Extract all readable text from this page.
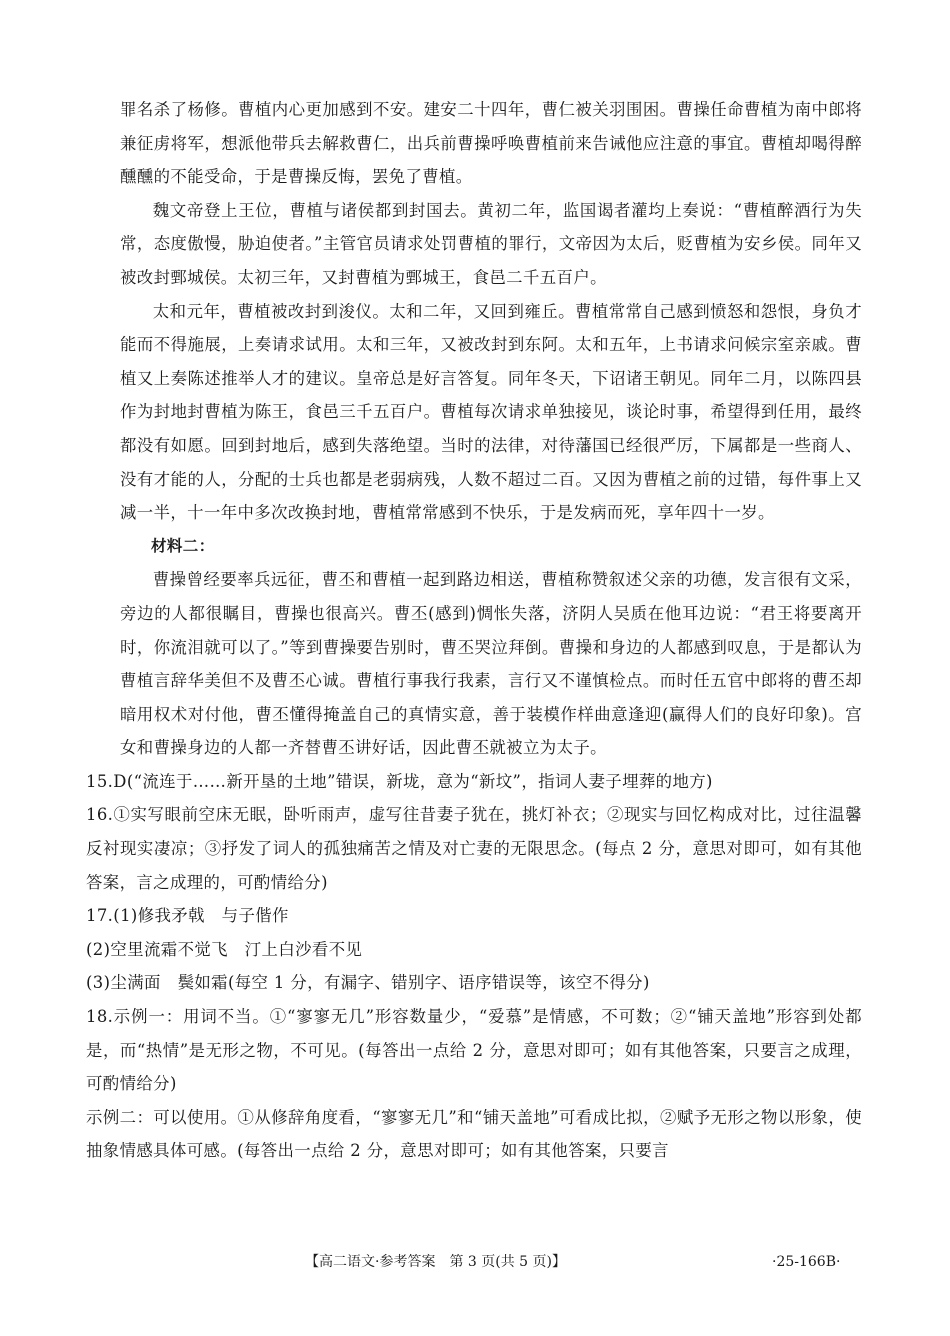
罪名杀了杨修。曹植内心更加感到不安。建安二十四年，曹仁被关羽围困。曹操任命曹植为南中郎将兼征虏将军，想派他带兵去解救曹仁，出兵前曹操呼唤曹植前来告诫他应注意的事宜。曹植却喝得醉醺醺的不能受命，于是曹操反悔，罢免了曹植。

魏文帝登上王位，曹植与诸侯都到封国去。黄初二年，监国谒者灌均上奏说：“曹植醉酒行为失常，态度傲慢，胁迫使者。”主管官员请求处罚曹植的罪行，文帝因为太后，贬曹植为安乡侯。同年又被改封鄄城侯。太初三年，又封曹植为鄄城王，食邑二千五百户。

太和元年，曹植被改封到浚仪。太和二年，又回到雍丘。曹植常常自己感到愤怒和怨恨，身负才能而不得施展，上奏请求试用。太和三年，又被改封到东阿。太和五年，上书请求问候宗室亲戚。曹植又上奏陈述推举人才的建议。皇帝总是好言答复。同年冬天，下诏诸王朝见。同年二月，以陈四县作为封地封曹植为陈王，食邑三千五百户。曹植每次请求单独接见，谈论时事，希望得到任用，最终都没有如愿。回到封地后，感到失落绝望。当时的法律，对待藩国已经很严厉，下属都是一些商人、没有才能的人，分配的士兵也都是老弱病残，人数不超过二百。又因为曹植之前的过错，每件事上又减一半，十一年中多次改换封地，曹植常常感到不快乐，于是发病而死，享年四十一岁。

材料二：

曹操曾经要率兵远征，曹丕和曹植一起到路边相送，曹植称赞叙述父亲的功德，发言很有文采，旁边的人都很瞩目，曹操也很高兴。曹丕(感到)惆怅失落，济阴人吴质在他耳边说：“君王将要离开时，你流泪就可以了。”等到曹操要告别时，曹丕哭泣拜倒。曹操和身边的人都感到叹息，于是都认为曹植言辞华美但不及曹丕心诚。曹植行事我行我素，言行又不谨慎检点。而时任五官中郎将的曹丕却暗用权术对付他，曹丕懂得掩盖自己的真情实意，善于装模作样曲意逢迎(赢得人们的良好印象)。宫女和曹操身边的人都一齐替曹丕讲好话，因此曹丕就被立为太子。

15.D(“流连于……新开垦的土地”错误，新垅，意为“新坟”，指词人妻子埋葬的地方)

16.①实写眼前空床无眠，卧听雨声，虚写往昔妻子犹在，挑灯补衣；②现实与回忆构成对比，过往温馨反衬现实凄凉；③抒发了词人的孤独痛苦之情及对亡妻的无限思念。(每点 2 分，意思对即可，如有其他答案，言之成理的，可酌情给分)

17.(1)修我矛戟　与子偕作

(2)空里流霜不觉飞　汀上白沙看不见

(3)尘满面　鬓如霜(每空 1 分，有漏字、错别字、语序错误等，该空不得分)

18.示例一：用词不当。①“寥寥无几”形容数量少，“爱慕”是情感，不可数；②“铺天盖地”形容到处都是，而“热情”是无形之物，不可见。(每答出一点给 2 分，意思对即可；如有其他答案，只要言之成理，可酌情给分)

示例二：可以使用。①从修辞角度看，“寥寥无几”和“铺天盖地”可看成比拟，②赋予无形之物以形象，使抽象情感具体可感。(每答出一点给 2 分，意思对即可；如有其他答案，只要言

【高二语文·参考答案　第 3 页(共 5 页)】	·25-166B·
